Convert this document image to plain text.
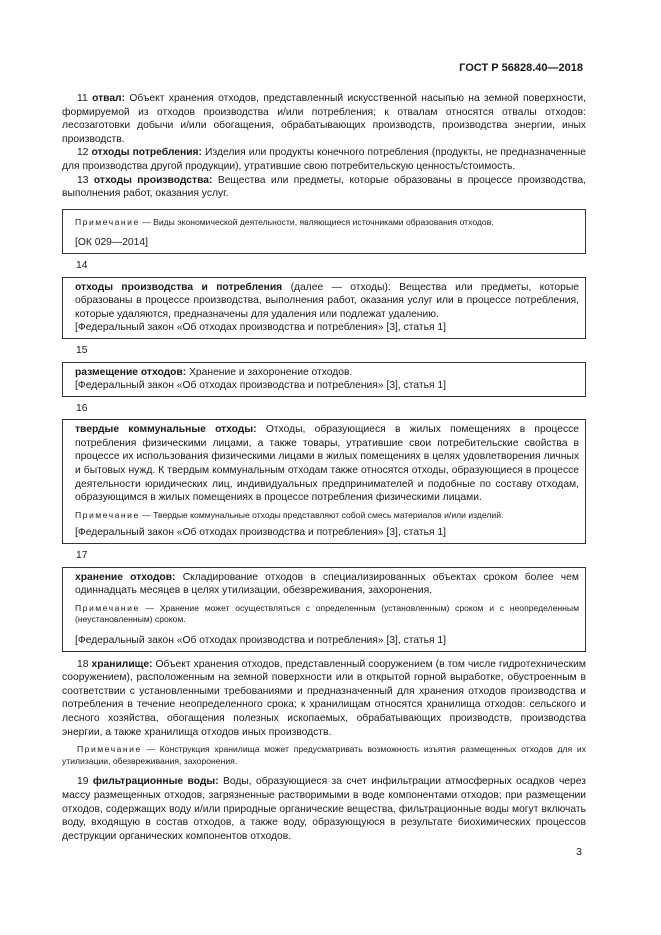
ГОСТ Р 56828.40—2018

11 отвал: Объект хранения отходов, представленный искусственной насыпью на земной поверхности, формируемой из отходов производства и/или потребления; к отвалам относятся отвалы отходов: лесозаготовки добычи и/или обогащения, обрабатывающих производств, производства энергии, иных производств.

12 отходы потребления: Изделия или продукты конечного потребления (продукты, не предназначенные для производства другой продукции), утратившие свою потребительскую ценность/стоимость.

13 отходы производства: Вещества или предметы, которые образованы в процессе производства, выполнения работ, оказания услуг.

Примечание — Виды экономической деятельности, являющиеся источниками образования отходов.

[ОК 029—2014]

14

отходы производства и потребления (далее — отходы): Вещества или предметы, которые образованы в процессе производства, выполнения работ, оказания услуг или в процессе потребления, которые удаляются, предназначены для удаления или подлежат удалению.

[Федеральный закон «Об отходах производства и потребления» [3], статья 1]

15

размещение отходов: Хранение и захоронение отходов.

[Федеральный закон «Об отходах производства и потребления» [3], статья 1]

16

твердые коммунальные отходы: Отходы, образующиеся в жилых помещениях в процессе потребления физическими лицами, а также товары, утратившие свои потребительские свойства в процессе их использования физическими лицами в жилых помещениях в целях удовлетворения личных и бытовых нужд. К твердым коммунальным отходам также относятся отходы, образующиеся в процессе деятельности юридических лиц, индивидуальных предпринимателей и подобные по составу отходам, образующимся в жилых помещениях в процессе потребления физическими лицами.

Примечание — Твердые коммунальные отходы представляют собой смесь материалов и/или изделий.

[Федеральный закон «Об отходах производства и потребления» [3], статья 1]

17

хранение отходов: Складирование отходов в специализированных объектах сроком более чем одиннадцать месяцев в целях утилизации, обезвреживания, захоронения.

Примечание — Хранение может осуществляться с определенным (установленным) сроком и с неопределенным (неустановленным) сроком.

[Федеральный закон «Об отходах производства и потребления» [3], статья 1]

18 хранилище: Объект хранения отходов, представленный сооружением (в том числе гидротехническим сооружением), расположенным на земной поверхности или в открытой горной выработке, обустроенным в соответствии с установленными требованиями и предназначенный для хранения отходов производства и потребления в течение неопределенного срока; к хранилищам относятся хранилища отходов: сельского и лесного хозяйства, обогащения полезных ископаемых, обрабатывающих производств, производства энергии, а также хранилища отходов иных производств.

Примечание — Конструкция хранилища может предусматривать возможность изъятия размещенных отходов для их утилизации, обезвреживания, захоронения.

19 фильтрационные воды: Воды, образующиеся за счет инфильтрации атмосферных осадков через массу размещенных отходов, загрязненные растворимыми в воде компонентами отходов; при размещении отходов, содержащих воду и/или природные органические вещества, фильтрационные воды могут включать воду, входящую в состав отходов, а также воду, образующуюся в результате биохимических процессов деструкции органических компонентов отходов.

3
